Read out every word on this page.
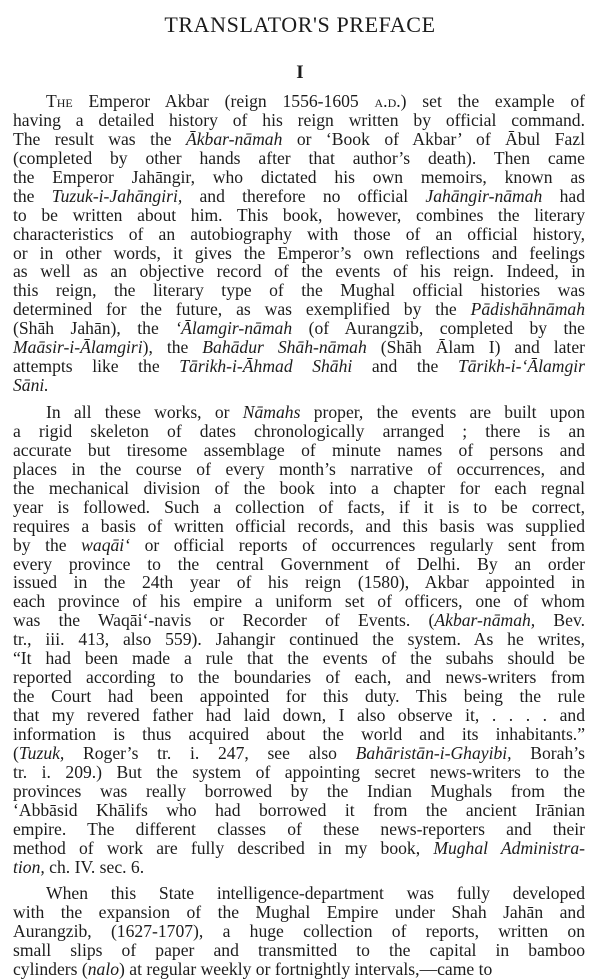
TRANSLATOR'S PREFACE
I
The Emperor Akbar (reign 1556-1605 a.d.) set the example of
having a detailed history of his reign written by official command.
The result was the Ākbar-nāmah or ‘Book of Akbar’ of Ābul Fazl
(completed by other hands after that author’s death). Then came
the Emperor Jahāngir, who dictated his own memoirs, known as
the Tuzuk-i-Jahāngiri, and therefore no official Jahāngir-nāmah had
to be written about him. This book, however, combines the literary
characteristics of an autobiography with those of an official history,
or in other words, it gives the Emperor’s own reflections and feelings
as well as an objective record of the events of his reign. Indeed, in
this reign, the literary type of the Mughal official histories was
determined for the future, as was exemplified by the Pādishāhnāmah
(Shāh Jahān), the ‘Ālamgir-nāmah (of Aurangzib, completed by the
Maāsir-i-Ālamgiri), the Bahādur Shāh-nāmah (Shāh Ālam I) and later
attempts like the Tārikh-i-Āhmad Shāhi and the Tārikh-i-‘Ālamgir
Sāni.
In all these works, or Nāmahs proper, the events are built upon
a rigid skeleton of dates chronologically arranged ; there is an
accurate but tiresome assemblage of minute names of persons and
places in the course of every month’s narrative of occurrences, and
the mechanical division of the book into a chapter for each regnal
year is followed. Such a collection of facts, if it is to be correct,
requires a basis of written official records, and this basis was supplied
by the waqāi‘ or official reports of occurrences regularly sent from
every province to the central Government of Delhi. By an order
issued in the 24th year of his reign (1580), Akbar appointed in
each province of his empire a uniform set of officers, one of whom
was the Waqāi‘-navis or Recorder of Events. (Akbar-nāmah, Bev.
tr., iii. 413, also 559). Jahangir continued the system. As he writes,
“It had been made a rule that the events of the subahs should be
reported according to the boundaries of each, and news-writers from
the Court had been appointed for this duty. This being the rule
that my revered father had laid down, I also observe it, . . . . and
information is thus acquired about the world and its inhabitants.”
(Tuzuk, Roger’s tr. i. 247, see also Bahāristān-i-Ghayibi, Borah’s
tr. i. 209.) But the system of appointing secret news-writers to the
provinces was really borrowed by the Indian Mughals from the
‘Abbāsid Khālifs who had borrowed it from the ancient Irānian
empire. The different classes of these news-reporters and their
method of work are fully described in my book, Mughal Administra-
tion, ch. IV. sec. 6.
When this State intelligence-department was fully developed
with the expansion of the Mughal Empire under Shah Jahān and
Aurangzib, (1627-1707), a huge collection of reports, written on
small slips of paper and transmitted to the capital in bamboo
cylinders (nalo) at regular weekly or fortnightly intervals,—came to
